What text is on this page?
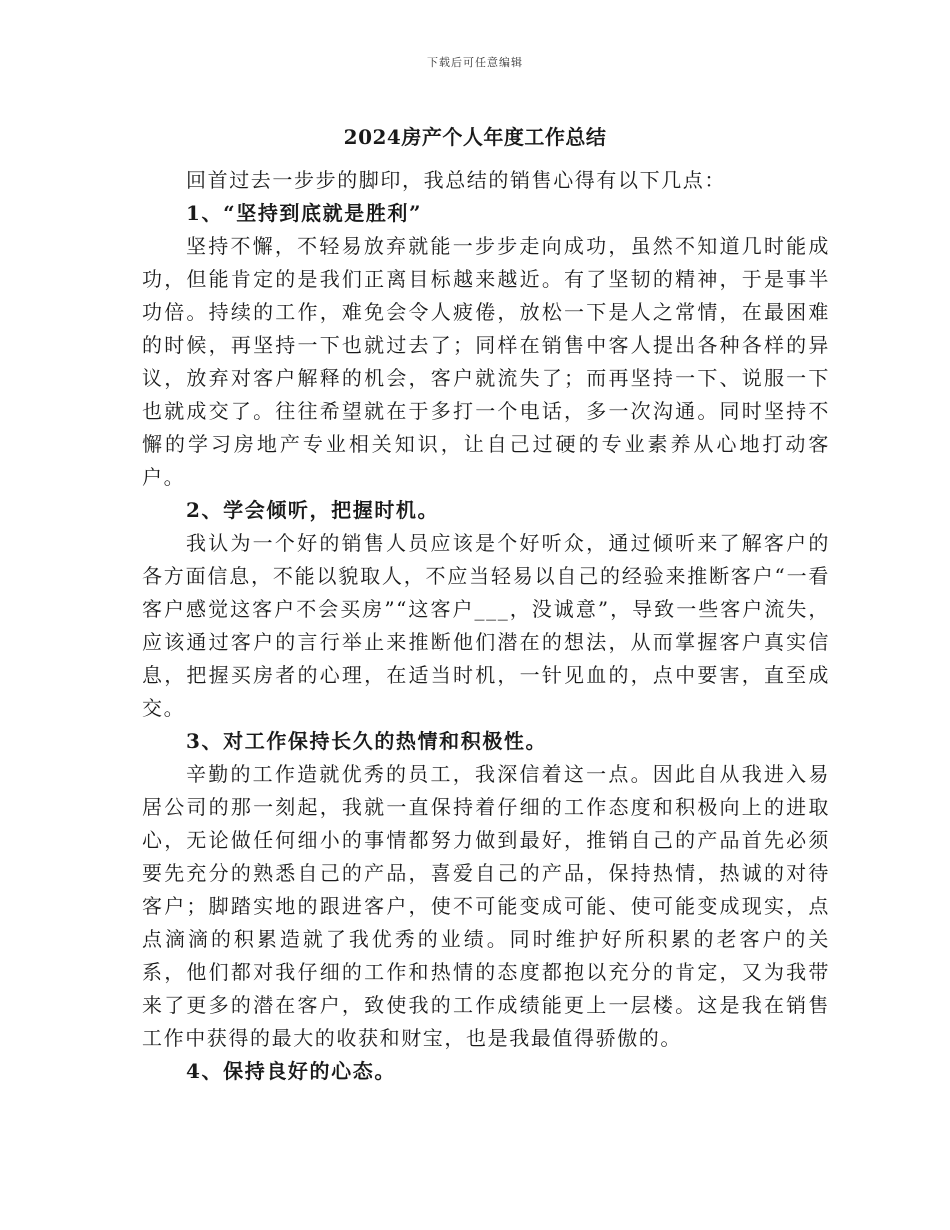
下载后可任意编辑
2024房产个人年度工作总结

回首过去一步步的脚印，我总结的销售心得有以下几点：

1、“坚持到底就是胜利”

坚持不懈，不轻易放弃就能一步步走向成功，虽然不知道几时能成功，但能肯定的是我们正离目标越来越近。有了坚韧的精神，于是事半功倍。持续的工作，难免会令人疲倦，放松一下是人之常情，在最困难的时候，再坚持一下也就过去了；同样在销售中客人提出各种各样的异议，放弃对客户解释的机会，客户就流失了；而再坚持一下、说服一下也就成交了。往往希望就在于多打一个电话，多一次沟通。同时坚持不懈的学习房地产专业相关知识，让自己过硬的专业素养从心地打动客户。

2、学会倾听，把握时机。

我认为一个好的销售人员应该是个好听众，通过倾听来了解客户的各方面信息，不能以貌取人，不应当轻易以自己的经验来推断客户“一看客户感觉这客户不会买房”“这客户___，没诚意”，导致一些客户流失，应该通过客户的言行举止来推断他们潜在的想法，从而掌握客户真实信息，把握买房者的心理，在适当时机，一针见血的，点中要害，直至成交。

3、对工作保持长久的热情和积极性。

辛勤的工作造就优秀的员工，我深信着这一点。因此自从我进入易居公司的那一刻起，我就一直保持着仔细的工作态度和积极向上的进取心，无论做任何细小的事情都努力做到最好，推销自己的产品首先必须要先充分的熟悉自己的产品，喜爱自己的产品，保持热情，热诚的对待客户；脚踏实地的跟进客户，使不可能变成可能、使可能变成现实，点点滴滴的积累造就了我优秀的业绩。同时维护好所积累的老客户的关系，他们都对我仔细的工作和热情的态度都抱以充分的肯定，又为我带来了更多的潜在客户，致使我的工作成绩能更上一层楼。这是我在销售工作中获得的最大的收获和财宝，也是我最值得骄傲的。

4、保持良好的心态。
